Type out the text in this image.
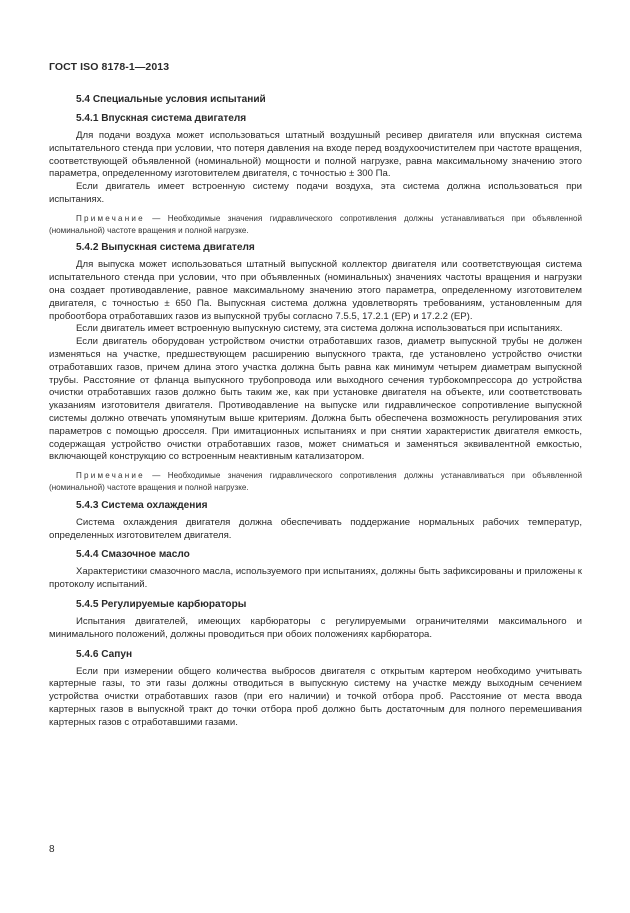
ГОСТ ISO 8178-1—2013
5.4 Специальные условия испытаний
5.4.1 Впускная система двигателя

Для подачи воздуха может использоваться штатный воздушный ресивер двигателя или впускная система испытательного стенда при условии, что потеря давления на входе перед воздухоочистителем при частоте вращения, соответствующей объявленной (номинальной) мощности и полной нагрузке, равна максимальному значению этого параметра, определенному изготовителем двигателя, с точностью ± 300 Па.

Если двигатель имеет встроенную систему подачи воздуха, эта система должна использоваться при испытаниях.

Примечание — Необходимые значения гидравлического сопротивления должны устанавливаться при объявленной (номинальной) частоте вращения и полной нагрузке.

5.4.2 Выпускная система двигателя

Для выпуска может использоваться штатный выпускной коллектор двигателя или соответствующая система испытательного стенда при условии, что при объявленных (номинальных) значениях частоты вращения и нагрузки она создает противодавление, равное максимальному значению этого параметра, определенному изготовителем двигателя, с точностью ± 650 Па. Выпускная система должна удовлетворять требованиям, установленным для пробоотбора отработавших газов из выпускной трубы согласно 7.5.5, 17.2.1 (EP) и 17.2.2 (EP).

Если двигатель имеет встроенную выпускную систему, эта система должна использоваться при испытаниях.

Если двигатель оборудован устройством очистки отработавших газов, диаметр выпускной трубы не должен изменяться на участке, предшествующем расширению выпускного тракта, где установлено устройство очистки отработавших газов, причем длина этого участка должна быть равна как минимум четырем диаметрам выпускной трубы. Расстояние от фланца выпускного трубопровода или выходного сечения турбокомпрессора до устройства очистки отработавших газов должно быть таким же, как при установке двигателя на объекте, или соответствовать указаниям изготовителя двигателя. Противодавление на выпуске или гидравлическое сопротивление выпускной системы должно отвечать упомянутым выше критериям. Должна быть обеспечена возможность регулирования этих параметров с помощью дросселя. При имитационных испытаниях и при снятии характеристик двигателя емкость, содержащая устройство очистки отработавших газов, может сниматься и заменяться эквивалентной емкостью, включающей конструкцию со встроенным неактивным катализатором.

Примечание — Необходимые значения гидравлического сопротивления должны устанавливаться при объявленной (номинальной) частоте вращения и полной нагрузке.

5.4.3 Система охлаждения

Система охлаждения двигателя должна обеспечивать поддержание нормальных рабочих температур, определенных изготовителем двигателя.

5.4.4 Смазочное масло

Характеристики смазочного масла, используемого при испытаниях, должны быть зафиксированы и приложены к протоколу испытаний.

5.4.5 Регулируемые карбюраторы

Испытания двигателей, имеющих карбюраторы с регулируемыми ограничителями максимального и минимального положений, должны проводиться при обоих положениях карбюратора.

5.4.6 Сапун

Если при измерении общего количества выбросов двигателя с открытым картером необходимо учитывать картерные газы, то эти газы должны отводиться в выпускную систему на участке между выходным сечением устройства очистки отработавших газов (при его наличии) и точкой отбора проб. Расстояние от места ввода картерных газов в выпускной тракт до точки отбора проб должно быть достаточным для полного перемешивания картерных газов с отработавшими газами.

8
